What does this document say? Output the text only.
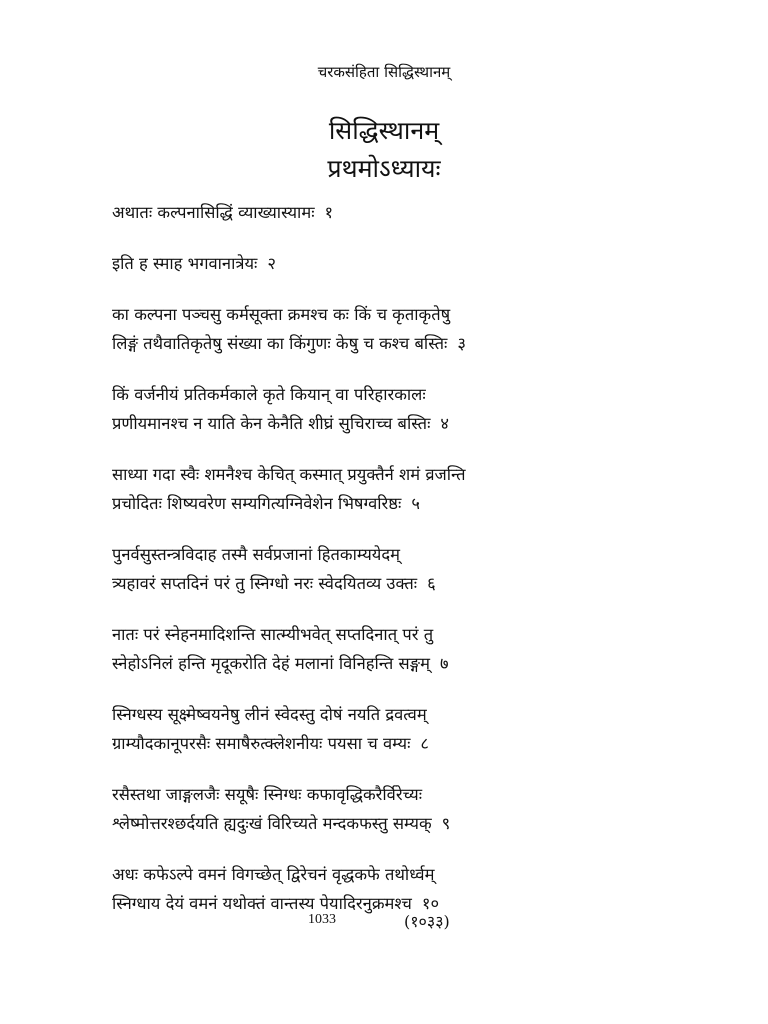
चरकसंहिता सिद्धिस्थानम्
सिद्धिस्थानम्
प्रथमोऽध्यायः

अथातः कल्पनासिद्धिं व्याख्यास्यामः १

इति ह स्माह भगवानात्रेयः २

का कल्पना पञ्चसु कर्मसूक्ता क्रमश्च कः किं च कृताकृतेषु
लिङ्गं तथैवातिकृतेषु संख्या का किंगुणः केषु च कश्च बस्तिः ३

किं वर्जनीयं प्रतिकर्मकाले कृते कियान् वा परिहारकालः
प्रणीयमानश्च न याति केन केनैति शीघ्रं सुचिराच्च बस्तिः ४

साध्या गदा स्वैः शमनैश्च केचित् कस्मात् प्रयुक्तैर्न शमं व्रजन्ति
प्रचोदितः शिष्यवरेण सम्यगित्यग्निवेशेन भिषग्वरिष्ठः ५

पुनर्वसुस्तन्त्रविदाह तस्मै सर्वप्रजानां हितकाम्ययेदम्
त्र्यहावरं सप्तदिनं परं तु स्निग्धो नरः स्वेदयितव्य उक्तः ६

नातः परं स्नेहनमादिशन्ति सात्म्यीभवेत् सप्तदिनात् परं तु
स्नेहोऽनिलं हन्ति मृदूकरोति देहं मलानां विनिहन्ति सङ्गम् ७

स्निग्धस्य सूक्ष्मेष्वयनेषु लीनं स्वेदस्तु दोषं नयति द्रवत्वम्
ग्राम्यौदकानूपरसैः समाषैरुत्क्लेशनीयः पयसा च वम्यः ८

रसैस्तथा जाङ्गलजैः सयूषैः स्निग्धः कफावृद्धिकरैर्विरेच्यः
श्लेष्मोत्तरश्छर्दयति ह्यदुःखं विरिच्यते मन्दकफस्तु सम्यक् ९

अधः कफेऽल्पे वमनं विगच्छेत् द्विरेचनं वृद्धकफे तथोर्ध्वम्
स्निग्धाय देयं वमनं यथोक्तं वान्तस्य पेयादिरनुक्रमश्च १०

1033	(१०३३)
